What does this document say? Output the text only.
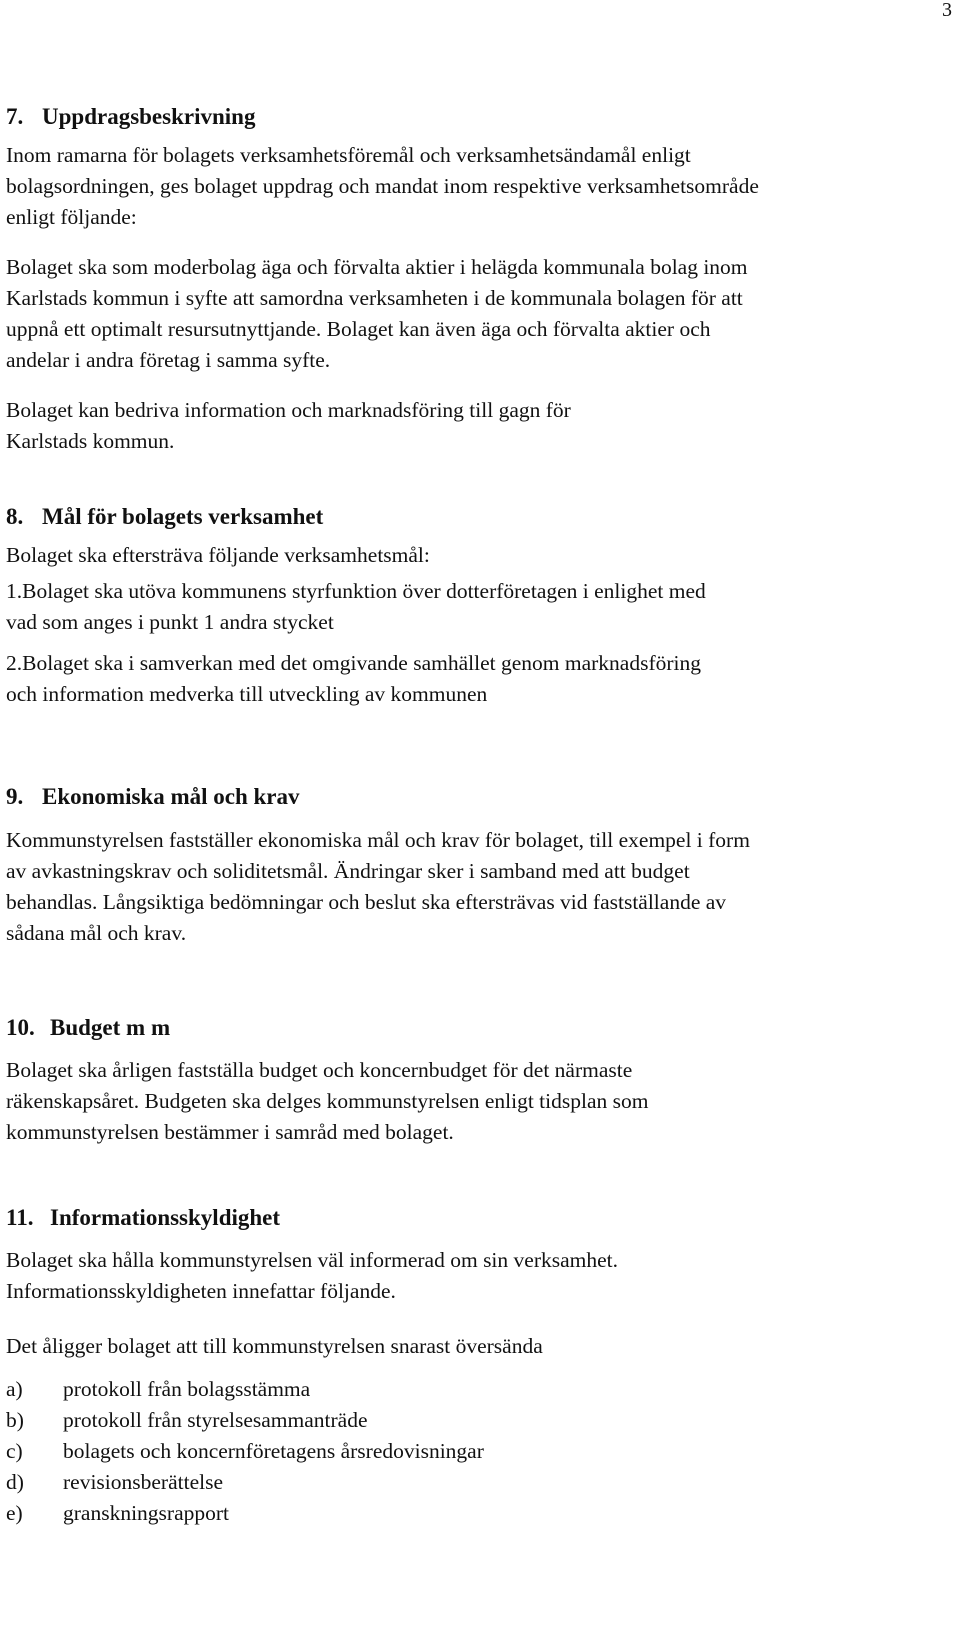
3
7. Uppdragsbeskrivning

Inom ramarna för bolagets verksamhetsföremål och verksamhetsändamål enligt
bolagsordningen, ges bolaget uppdrag och mandat inom respektive verksamhetsområde
enligt följande:

Bolaget ska som moderbolag äga och förvalta aktier i helägda kommunala bolag inom
Karlstads kommun i syfte att samordna verksamheten i de kommunala bolagen för att
uppnå ett optimalt resursutnyttjande. Bolaget kan även äga och förvalta aktier och
andelar i andra företag i samma syfte.

Bolaget kan bedriva information och marknadsföring till gagn för
Karlstads kommun.

8. Mål för bolagets verksamhet

Bolaget ska eftersträva följande verksamhetsmål:

1.Bolaget ska utöva kommunens styrfunktion över dotterföretagen i enlighet med
vad som anges i punkt 1 andra stycket

2.Bolaget ska i samverkan med det omgivande samhället genom marknadsföring
och information medverka till utveckling av kommunen

9. Ekonomiska mål och krav

Kommunstyrelsen fastställer ekonomiska mål och krav för bolaget, till exempel i form
av avkastningskrav och soliditetsmål. Ändringar sker i samband med att budget
behandlas. Långsiktiga bedömningar och beslut ska eftersträvas vid fastställande av
sådana mål och krav.

10. Budget m m

Bolaget ska årligen fastställa budget och koncernbudget för det närmaste
räkenskapsåret. Budgeten ska delges kommunstyrelsen enligt tidsplan som
kommunstyrelsen bestämmer i samråd med bolaget.

11. Informationsskyldighet

Bolaget ska hålla kommunstyrelsen väl informerad om sin verksamhet.
Informationsskyldigheten innefattar följande.

Det åligger bolaget att till kommunstyrelsen snarast översända

a) protokoll från bolagsstämma
b) protokoll från styrelsesammanträde
c) bolagets och koncernföretagens årsredovisningar
d) revisionsberättelse
e) granskningsrapport
